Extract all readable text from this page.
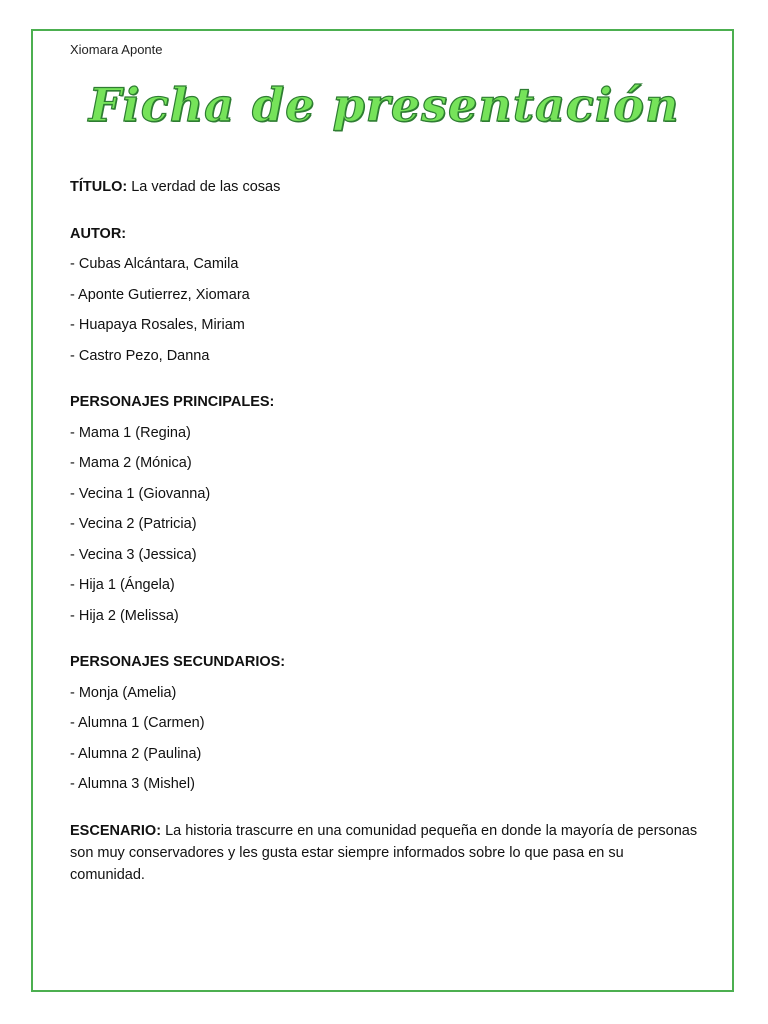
Xiomara Aponte
Ficha de presentación
TÍTULO: La verdad de las cosas
AUTOR:
- Cubas Alcántara, Camila
- Aponte Gutierrez, Xiomara
- Huapaya Rosales, Miriam
- Castro Pezo, Danna
PERSONAJES PRINCIPALES:
- Mama 1 (Regina)
- Mama 2 (Mónica)
- Vecina 1 (Giovanna)
- Vecina 2 (Patricia)
- Vecina 3 (Jessica)
- Hija 1 (Ángela)
- Hija 2 (Melissa)
PERSONAJES SECUNDARIOS:
- Monja (Amelia)
- Alumna 1 (Carmen)
- Alumna 2 (Paulina)
- Alumna 3 (Mishel)

ESCENARIO: La historia trascurre en una comunidad pequeña en donde la mayoría de personas son muy conservadores y les gusta estar siempre informados sobre lo que pasa en su comunidad.
